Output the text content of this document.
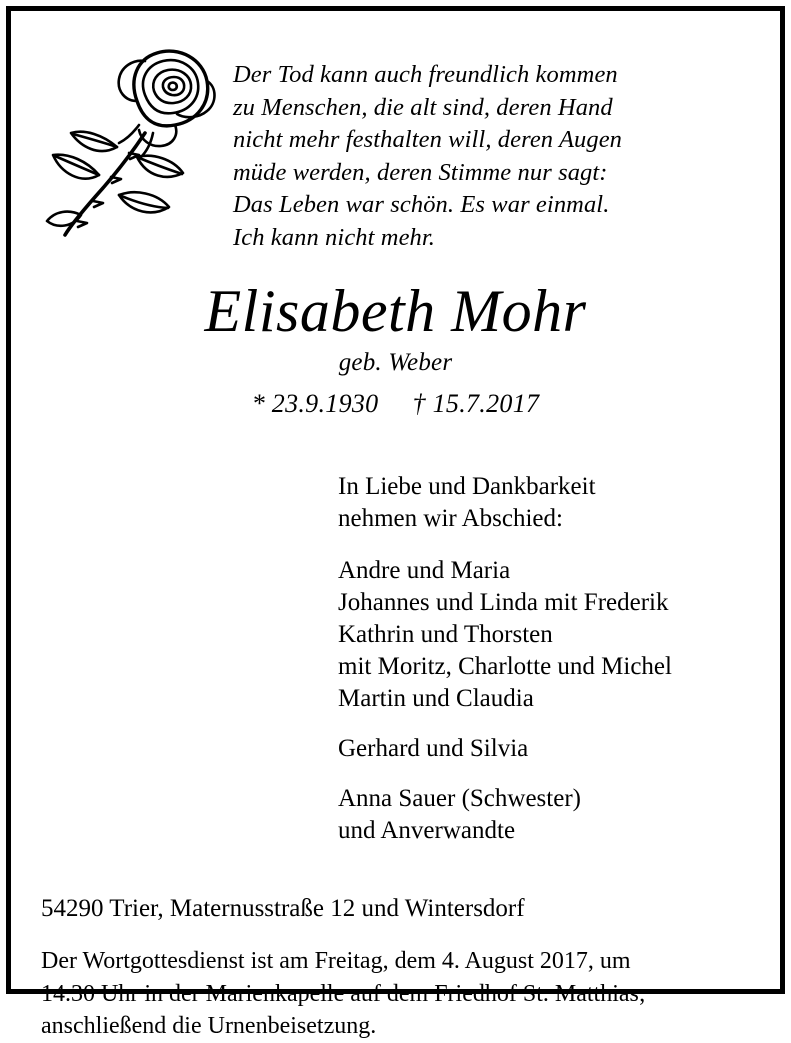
Der Tod kann auch freundlich kommen
zu Menschen, die alt sind, deren Hand
nicht mehr festhalten will, deren Augen
müde werden, deren Stimme nur sagt:
Das Leben war schön. Es war einmal.
Ich kann nicht mehr.
Elisabeth Mohr
geb. Weber
* 23.9.1930 † 15.7.2017
In Liebe und Dankbarkeit
nehmen wir Abschied:
Andre und Maria
Johannes und Linda mit Frederik
Kathrin und Thorsten
mit Moritz, Charlotte und Michel
Martin und Claudia
Gerhard und Silvia
Anna Sauer (Schwester)
und Anverwandte
54290 Trier, Maternusstraße 12 und Wintersdorf
Der Wortgottesdienst ist am Freitag, dem 4. August 2017, um
14.30 Uhr in der Marienkapelle auf dem Friedhof St. Matthias;
anschließend die Urnenbeisetzung.
